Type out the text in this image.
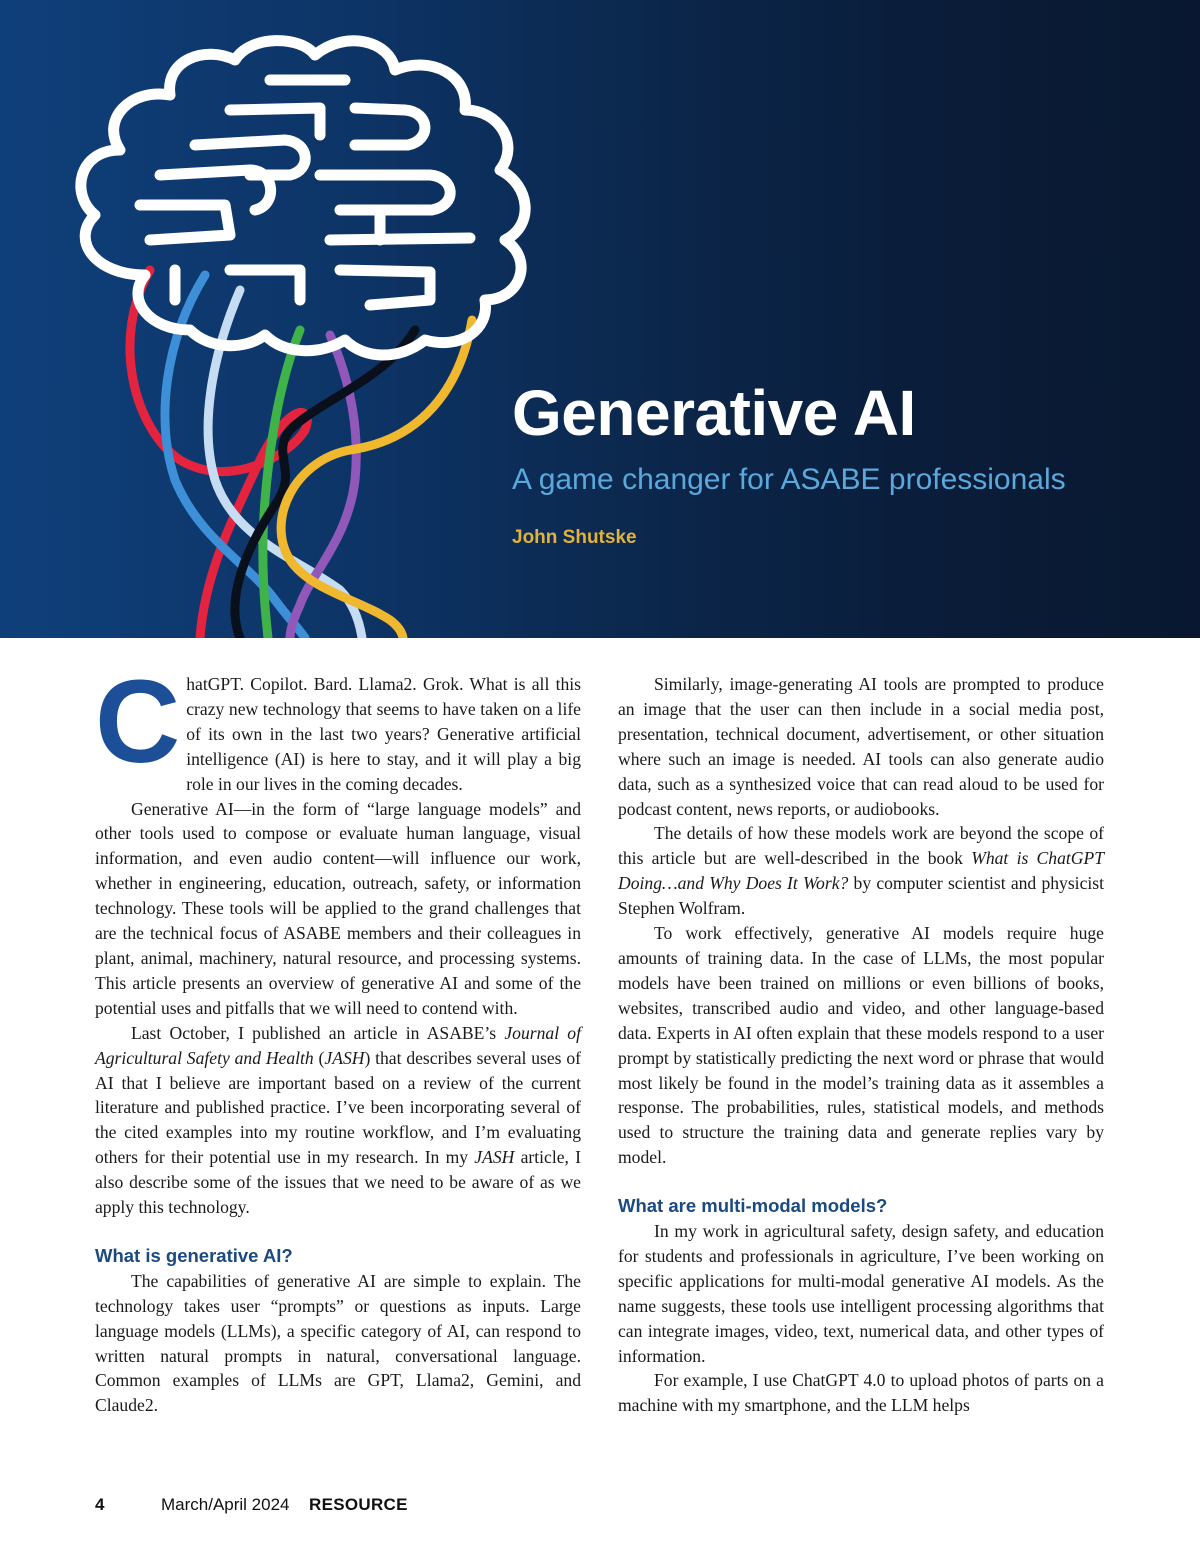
Generative AI

A game changer for ASABE professionals

John Shutske

ChatGPT. Copilot. Bard. Llama2. Grok. What is all this crazy new technology that seems to have taken on a life of its own in the last two years? Generative artificial intelligence (AI) is here to stay, and it will play a big role in our lives in the coming decades.

Generative AI—in the form of “large language models” and other tools used to compose or evaluate human language, visual information, and even audio content—will influence our work, whether in engineering, education, outreach, safety, or information technology. These tools will be applied to the grand challenges that are the technical focus of ASABE members and their colleagues in plant, animal, machinery, natural resource, and processing systems. This article presents an overview of generative AI and some of the potential uses and pitfalls that we will need to contend with.

Last October, I published an article in ASABE’s Journal of Agricultural Safety and Health (JASH) that describes several uses of AI that I believe are important based on a review of the current literature and published practice. I’ve been incorporating several of the cited examples into my routine workflow, and I’m evaluating others for their potential use in my research. In my JASH article, I also describe some of the issues that we need to be aware of as we apply this technology.

What is generative AI?

The capabilities of generative AI are simple to explain. The technology takes user “prompts” or questions as inputs. Large language models (LLMs), a specific category of AI, can respond to written natural prompts in natural, conversational language. Common examples of LLMs are GPT, Llama2, Gemini, and Claude2.

Similarly, image-generating AI tools are prompted to produce an image that the user can then include in a social media post, presentation, technical document, advertisement, or other situation where such an image is needed. AI tools can also generate audio data, such as a synthesized voice that can read aloud to be used for podcast content, news reports, or audiobooks.

The details of how these models work are beyond the scope of this article but are well-described in the book What is ChatGPT Doing…and Why Does It Work? by computer scientist and physicist Stephen Wolfram.

To work effectively, generative AI models require huge amounts of training data. In the case of LLMs, the most popular models have been trained on millions or even billions of books, websites, transcribed audio and video, and other language-based data. Experts in AI often explain that these models respond to a user prompt by statistically predicting the next word or phrase that would most likely be found in the model’s training data as it assembles a response. The probabilities, rules, statistical models, and methods used to structure the training data and generate replies vary by model.

What are multi-modal models?

In my work in agricultural safety, design safety, and education for students and professionals in agriculture, I’ve been working on specific applications for multi-modal generative AI models. As the name suggests, these tools use intelligent processing algorithms that can integrate images, video, text, numerical data, and other types of information.

For example, I use ChatGPT 4.0 to upload photos of parts on a machine with my smartphone, and the LLM helps

4	March/April 2024 RESOURCE
